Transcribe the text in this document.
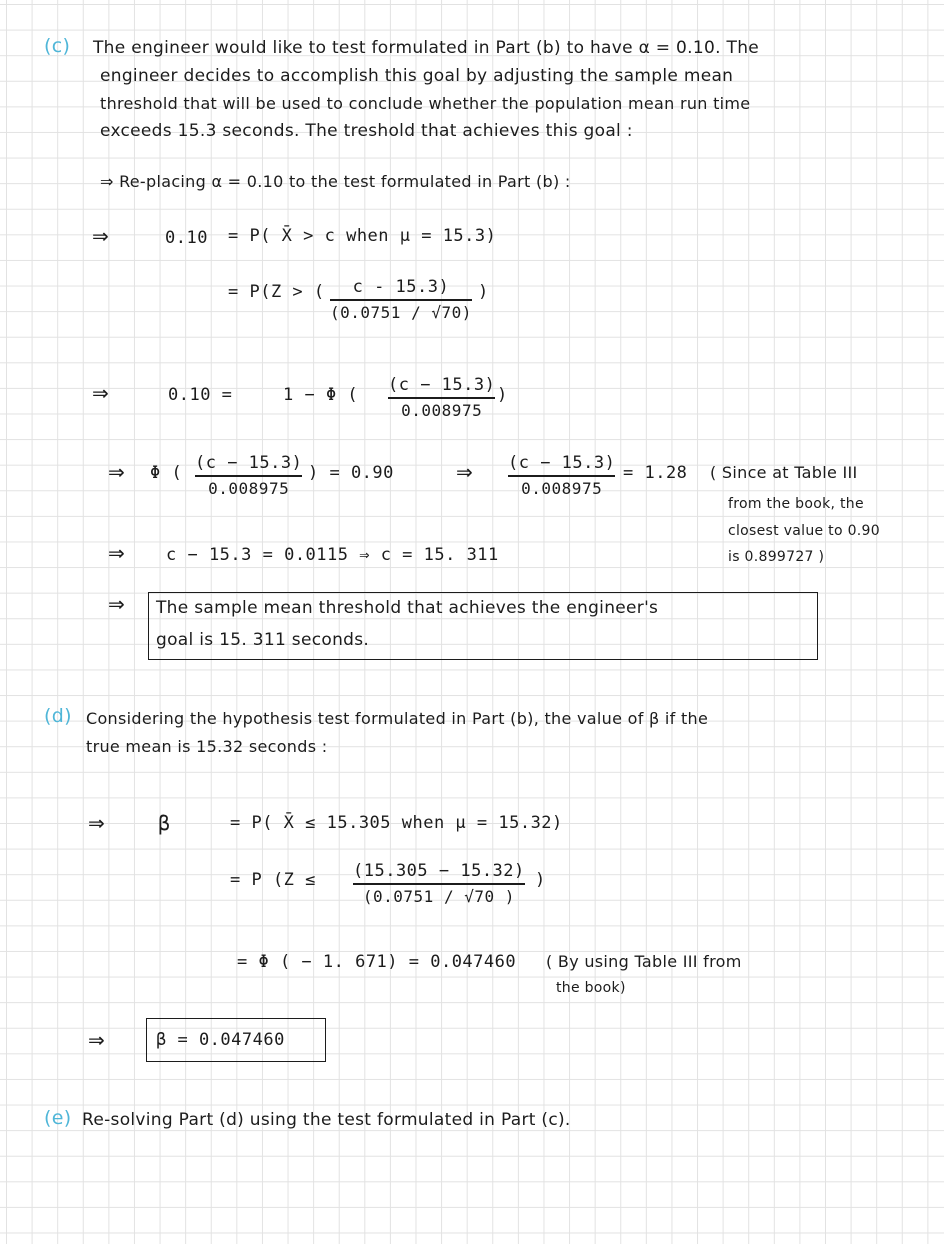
(c) The engineer would like to test formulated in Part (b) to have α = 0.10. The
engineer decides to accomplish this goal by adjusting the sample mean
threshold that will be used to conclude whether the population mean run time
exceeds 15.3 seconds. The treshold that achieves this goal :
⇒ Re-placing α = 0.10 to the test formulated in Part (b) :
⇒	0.10 = P( X̄ > c when μ = 15.3)
= P(Z > ( c - 15.3)
(0.0751 / √70)
)
⇒	0.10 =	1 − Φ ( (c − 15.3)
0.008975
)
⇒ Φ ( (c − 15.3)
0.008975
) = 0.90	⇒ (c − 15.3)
0.008975
= 1.28 ( Since at Table III
from the book, the
closest value to 0.90
is 0.899727 )
⇒ c − 15.3 = 0.0115 ⇒ c = 15. 311
⇒ The sample mean threshold that achieves the engineer's
goal is 15. 311 seconds.
(d) Considering the hypothesis test formulated in Part (b), the value of β if the
true mean is 15.32 seconds :
⇒	β	= P( X̄ ≤ 15.305 when μ = 15.32)
= P (Z ≤ (15.305 − 15.32)
(0.0751 / √70 )
)
= Φ ( − 1. 671) = 0.047460 ( By using Table III from
the book)
⇒	β = 0.047460
(e) Re-solving Part (d) using the test formulated in Part (c).
